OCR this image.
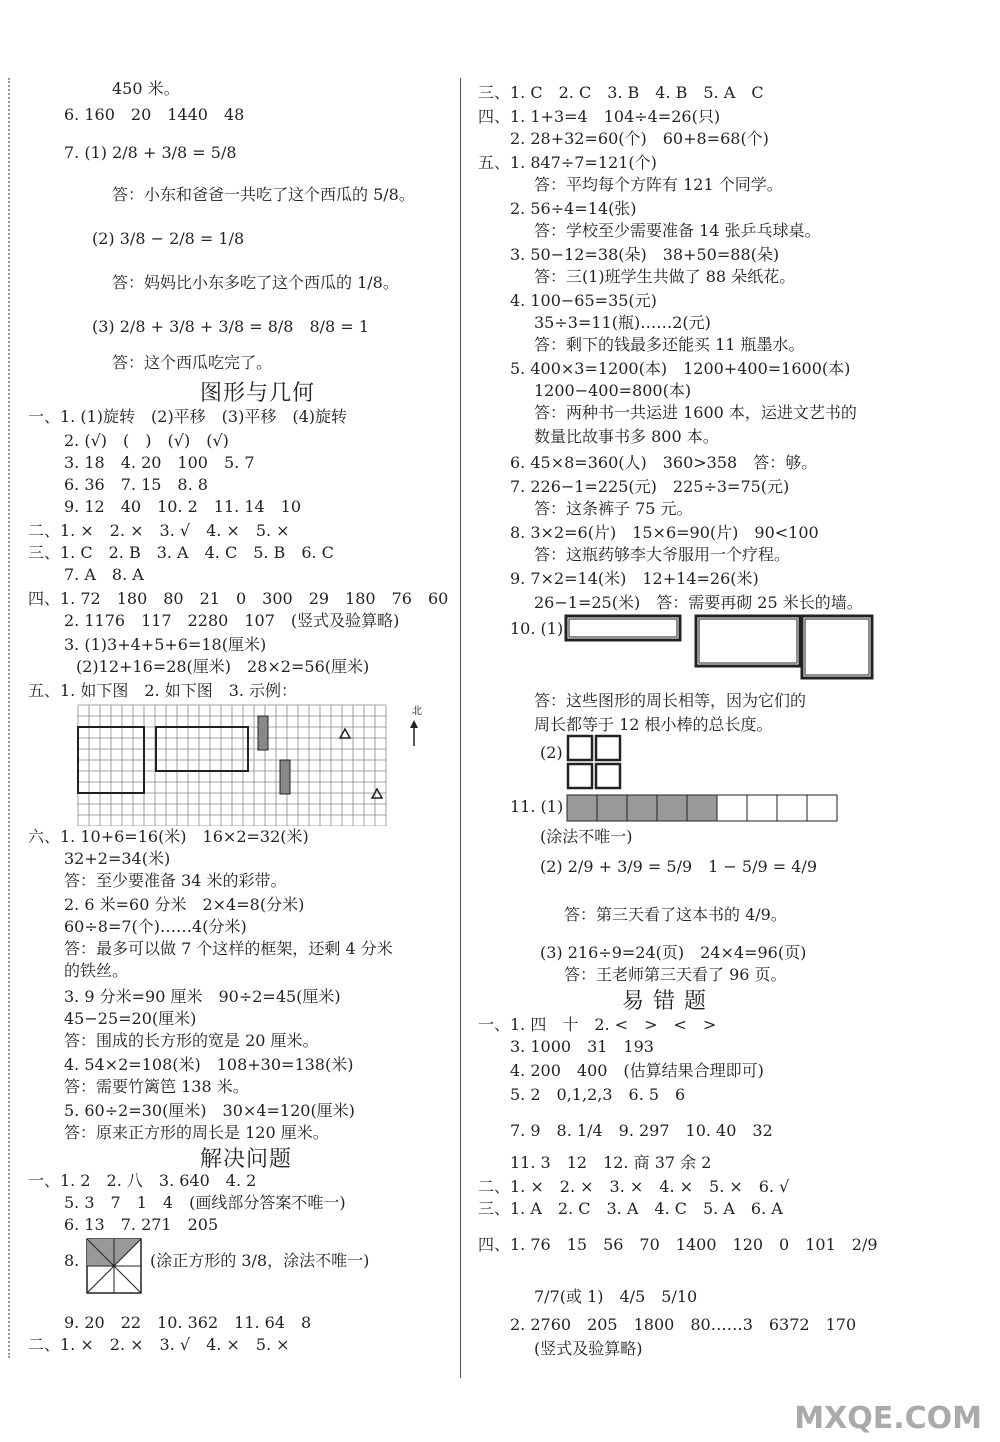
450 米。
6. 160　20　1440　48
7. (1) 2/8 + 3/8 = 5/8
答：小东和爸爸一共吃了这个西瓜的 5/8。
(2) 3/8 − 2/8 = 1/8
答：妈妈比小东多吃了这个西瓜的 1/8。
(3) 2/8 + 3/8 + 3/8 = 8/8　8/8 = 1
答：这个西瓜吃完了。
图形与几何
一、1. (1)旋转　(2)平移　(3)平移　(4)旋转
2. (√)　(　)　(√)　(√)
3. 18　4. 20　100　5. 7
6. 36　7. 15　8. 8
9. 12　40　10. 2　11. 14　10
二、1. ×　2. ×　3. √　4. ×　5. ×
三、1. C　2. B　3. A　4. C　5. B　6. C
7. A　8. A
四、1. 72　180　80　21　0　300　29　180　76　60
2. 1176　117　2280　107　(竖式及验算略)
3. (1)3+4+5+6=18(厘米)
(2)12+16=28(厘米)　28×2=56(厘米)
五、1. 如下图　2. 如下图　3. 示例：
北
六、1. 10+6=16(米)　16×2=32(米)
32+2=34(米)
答：至少要准备 34 米的彩带。
2. 6 米=60 分米　2×4=8(分米)
60÷8=7(个)……4(分米)
答：最多可以做 7 个这样的框架，还剩 4 分米
的铁丝。
3. 9 分米=90 厘米　90÷2=45(厘米)
45−25=20(厘米)
答：围成的长方形的宽是 20 厘米。
4. 54×2=108(米)　108+30=138(米)
答：需要竹篱笆 138 米。
5. 60÷2=30(厘米)　30×4=120(厘米)
答：原来正方形的周长是 120 厘米。
解决问题
一、1. 2　2. 八　3. 640　4. 2
5. 3　7　1　4　(画线部分答案不唯一)
6. 13　7. 271　205
8.	(涂正方形的 3/8，涂法不唯一)
9. 20　22　10. 362　11. 64　8
二、1. ×　2. ×　3. √　4. ×　5. ×
三、1. C　2. C　3. B　4. B　5. A　C
四、1. 1+3=4　104÷4=26(只)
2. 28+32=60(个)　60+8=68(个)
五、1. 847÷7=121(个)
答：平均每个方阵有 121 个同学。
2. 56÷4=14(张)
答：学校至少需要准备 14 张乒乓球桌。
3. 50−12=38(朵)　38+50=88(朵)
答：三(1)班学生共做了 88 朵纸花。
4. 100−65=35(元)
35÷3=11(瓶)……2(元)
答：剩下的钱最多还能买 11 瓶墨水。
5. 400×3=1200(本)　1200+400=1600(本)
1200−400=800(本)
答：两种书一共运进 1600 本，运进文艺书的
数量比故事书多 800 本。
6. 45×8=360(人)　360>358　答：够。
7. 226−1=225(元)　225÷3=75(元)
答：这条裤子 75 元。
8. 3×2=6(片)　15×6=90(片)　90<100
答：这瓶药够李大爷服用一个疗程。
9. 7×2=14(米)　12+14=26(米)
26−1=25(米)　答：需要再砌 25 米长的墙。
10. (1)
答：这些图形的周长相等，因为它们的
周长都等于 12 根小棒的总长度。
(2)
11. (1)
(涂法不唯一)
(2) 2/9 + 3/9 = 5/9　1 − 5/9 = 4/9
答：第三天看了这本书的 4/9。
(3) 216÷9=24(页)　24×4=96(页)
答：王老师第三天看了 96 页。
易 错 题
一、1. 四　十　2. <　>　<　>
3. 1000　31　193
4. 200　400　(估算结果合理即可)
5. 2　0,1,2,3　6. 5　6
7. 9　8. 1/4　9. 297　10. 40　32
11. 3　12　12. 商 37 余 2
二、1. ×　2. ×　3. ×　4. ×　5. ×　6. √
三、1. A　2. C　3. A　4. C　5. A　6. A
四、1. 76　15　56　70　1400　120　0　101　2/9
7/7(或 1)　4/5　5/10
2. 2760　205　1800　80……3　6372　170
(竖式及验算略)
MXQE.COM
